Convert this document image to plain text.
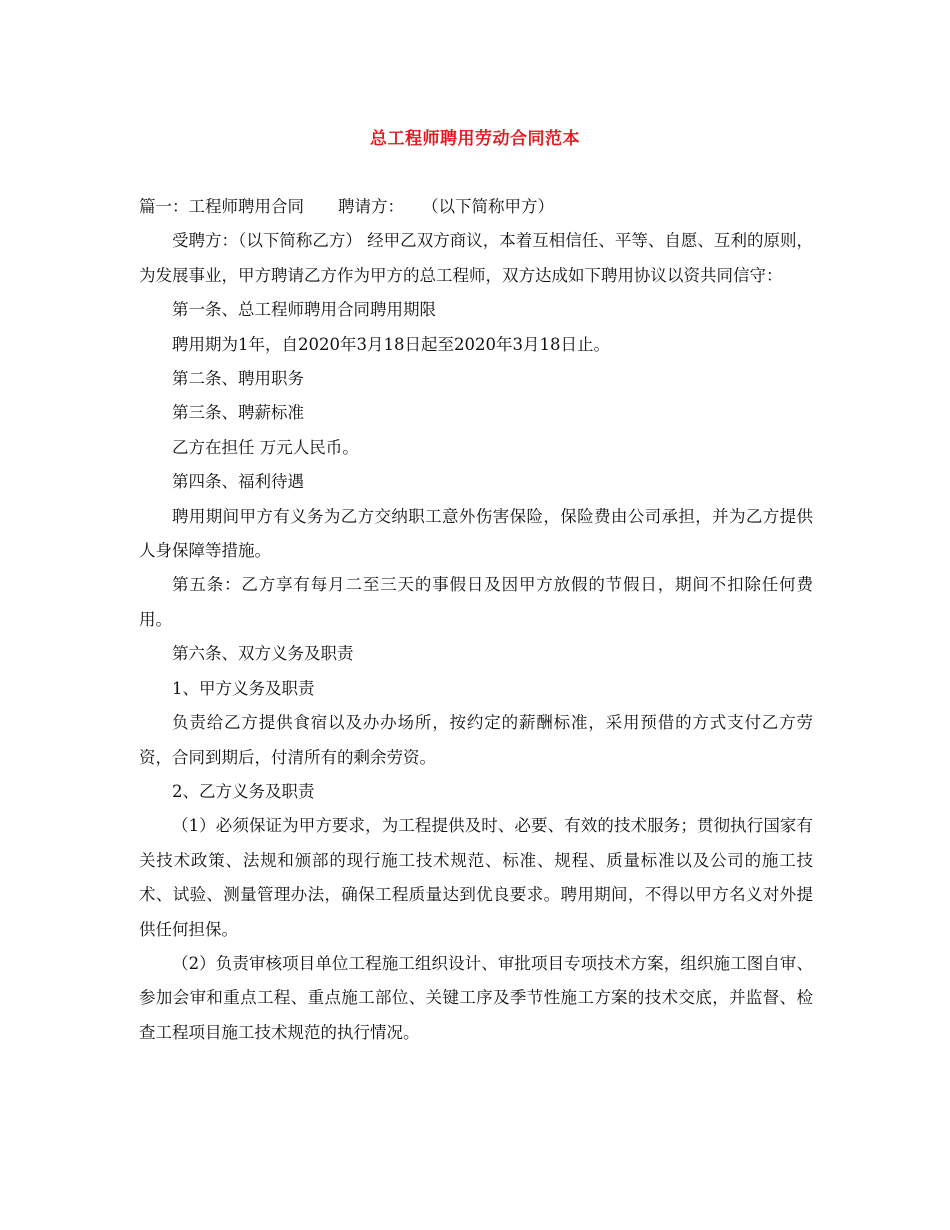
总工程师聘用劳动合同范本

篇一：工程师聘用合同 聘请方： （以下简称甲方）

受聘方：（以下简称乙方） 经甲乙双方商议，本着互相信任、平等、自愿、互利的原则，为发展事业，甲方聘请乙方作为甲方的总工程师，双方达成如下聘用协议以资共同信守：

第一条、总工程师聘用合同聘用期限

聘用期为1年，自2020年3月18日起至2020年3月18日止。

第二条、聘用职务

第三条、聘薪标准

乙方在担任 万元人民币。

第四条、福利待遇

聘用期间甲方有义务为乙方交纳职工意外伤害保险，保险费由公司承担，并为乙方提供人身保障等措施。

第五条：乙方享有每月二至三天的事假日及因甲方放假的节假日，期间不扣除任何费用。

第六条、双方义务及职责

1、甲方义务及职责

负责给乙方提供食宿以及办办场所，按约定的薪酬标准，采用预借的方式支付乙方劳资，合同到期后，付清所有的剩余劳资。

2、乙方义务及职责

（1）必须保证为甲方要求，为工程提供及时、必要、有效的技术服务；贯彻执行国家有关技术政策、法规和颁部的现行施工技术规范、标准、规程、质量标准以及公司的施工技术、试验、测量管理办法，确保工程质量达到优良要求。聘用期间，不得以甲方名义对外提供任何担保。

（2）负责审核项目单位工程施工组织设计、审批项目专项技术方案，组织施工图自审、参加会审和重点工程、重点施工部位、关键工序及季节性施工方案的技术交底，并监督、检查工程项目施工技术规范的执行情况。
